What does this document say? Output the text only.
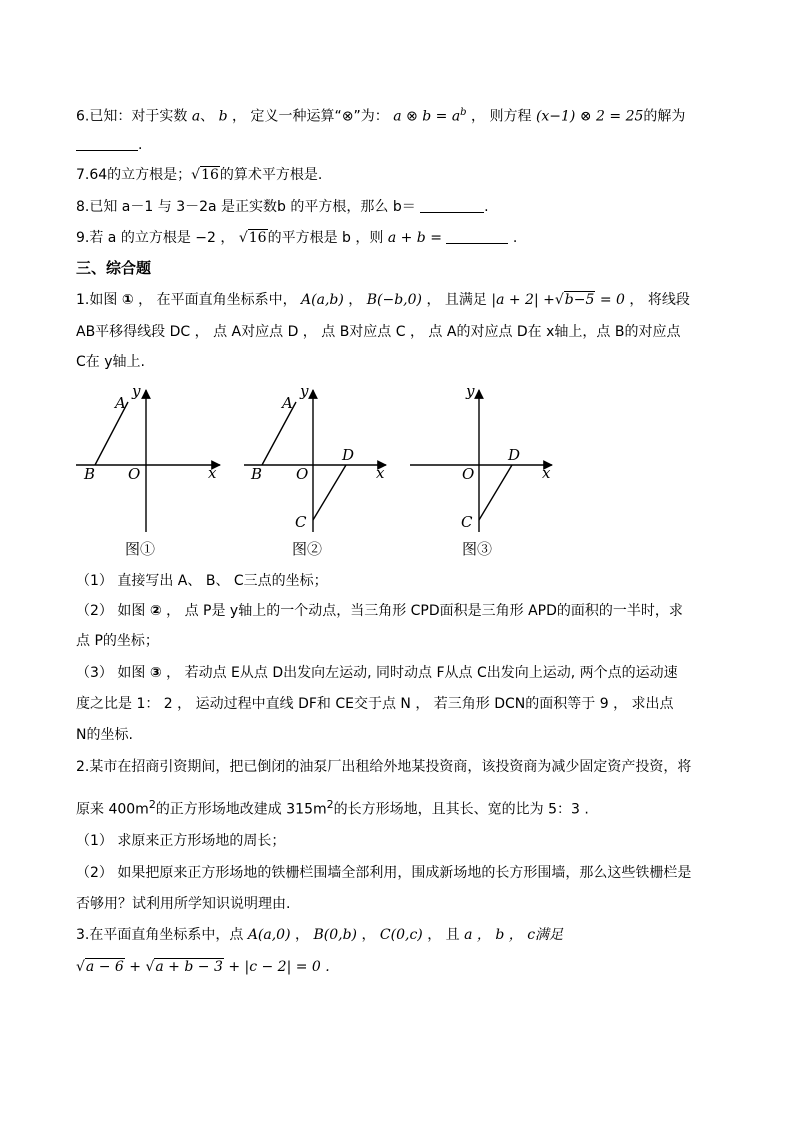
6.已知：对于实数 a、 b ， 定义一种运算“⊗”为： a ⊗ $b = a^b$ ， 则方程 (x−1) ⊗ 2 = 25的解为
.
7.64的立方根是；√16的算术平方根是.
8.已知 a－1 与 3－2a 是正实数b 的平方根，那么 b＝	.
9.若 a 的立方根是 −2 ， √16的平方根是 b ，则 a + b =	.
三、综合题
1.如图 ① ， 在平面直角坐标系中， A(a,b) ， B(−b,0) ， 且满足 |a + 2| +√b−5 = 0 ， 将线段
AB平移得线段 DC ， 点 A对应点 D ， 点 B对应点 C ， 点 A的对应点 D在 x轴上，点 B的对应点
C在 y轴上.
y
x
A
B O
图①
y
x
A
B O
D
C
图②
y
x
O
D
C
图③
（1） 直接写出 A、 B、 C三点的坐标；
（2） 如图 ② ， 点 P是 y轴上的一个动点，当三角形 CPD面积是三角形 APD的面积的一半时，求
点 P的坐标；
（3） 如图 ③ ， 若动点 E从点 D出发向左运动, 同时动点 F从点 C出发向上运动, 两个点的运动速
度之比是 1： 2 ， 运动过程中直线 DF和 CE交于点 N ， 若三角形 DCN的面积等于 9 ， 求出点
N的坐标.
2.某市在招商引资期间，把已倒闭的油泵厂出租给外地某投资商，该投资商为减少固定资产投资，将
原来 $400m^2$的正方形场地改建成 $315m^2$的长方形场地，且其长、宽的比为 5：3 .
（1） 求原来正方形场地的周长；
（2） 如果把原来正方形场地的铁栅栏围墙全部利用，围成新场地的长方形围墙，那么这些铁栅栏是
否够用？试利用所学知识说明理由.
3.在平面直角坐标系中，点 A(a,0) ， B(0,b) ， C(0,c) ， 且 a ， b ， c满足
√a − 6 + √a + b − 3 + |c − 2| = 0 .
